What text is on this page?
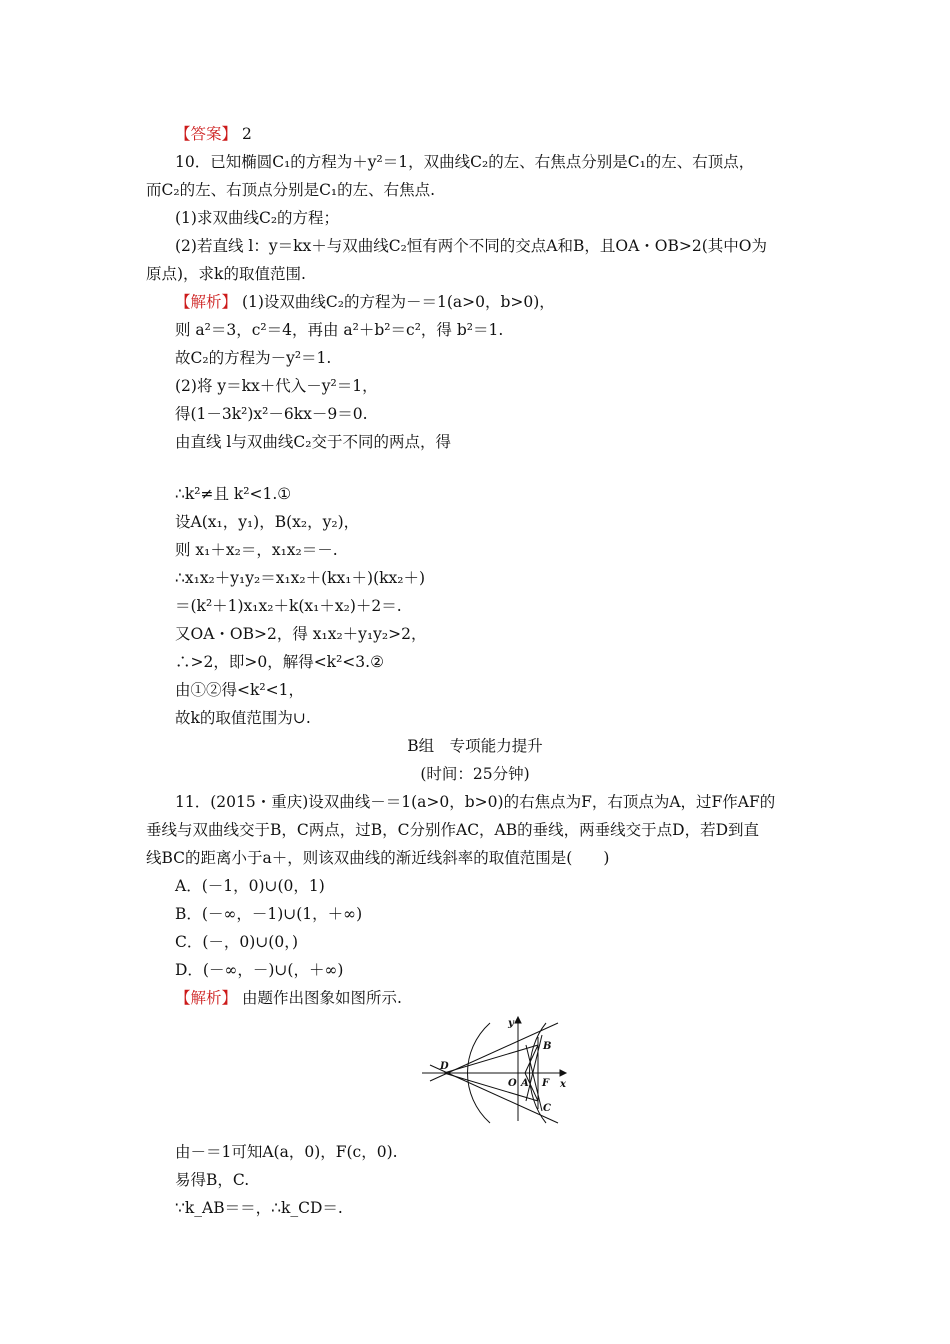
【答案】 2
10．已知椭圆C₁的方程为＋y²＝1，双曲线C₂的左、右焦点分别是C₁的左、右顶点，
而C₂的左、右顶点分别是C₁的左、右焦点.
(1)求双曲线C₂的方程；
(2)若直线 l：y＝kx＋与双曲线C₂恒有两个不同的交点A和B，且OA・OB>2(其中O为
原点)，求k的取值范围.
【解析】 (1)设双曲线C₂的方程为－＝1(a>0，b>0)，
则 a²＝3，c²＝4，再由 a²＋b²＝c²，得 b²＝1.
故C₂的方程为－y²＝1.
(2)将 y＝kx＋代入－y²＝1，
得(1－3k²)x²－6kx－9＝0.
由直线 l与双曲线C₂交于不同的两点，得
∴k²≠且 k²<1.①
设A(x₁，y₁)，B(x₂，y₂)，
则 x₁＋x₂＝，x₁x₂＝－.
∴x₁x₂＋y₁y₂＝x₁x₂＋(kx₁＋)(kx₂＋)
＝(k²＋1)x₁x₂＋k(x₁＋x₂)＋2＝.
又OA・OB>2，得 x₁x₂＋y₁y₂>2，
∴>2，即>0，解得<k²<3.②
由①②得<k²<1，
故k的取值范围为∪.
B组　专项能力提升
(时间：25分钟)
11．(2015・重庆)设双曲线－＝1(a>0，b>0)的右焦点为F，右顶点为A，过F作AF的
垂线与双曲线交于B，C两点，过B，C分别作AC，AB的垂线，两垂线交于点D，若D到直
线BC的距离小于a＋，则该双曲线的渐近线斜率的取值范围是(　　)
A．(－1，0)∪(0，1)
B．(－∞，－1)∪(1，＋∞)
C．(－，0)∪(0，)
D．(－∞，－)∪(，＋∞)
【解析】 由题作出图象如图所示.
y
x
O A F
B
C
D
由－＝1可知A(a，0)，F(c，0).
易得B，C.
∵k_AB＝＝，∴k_CD＝.
